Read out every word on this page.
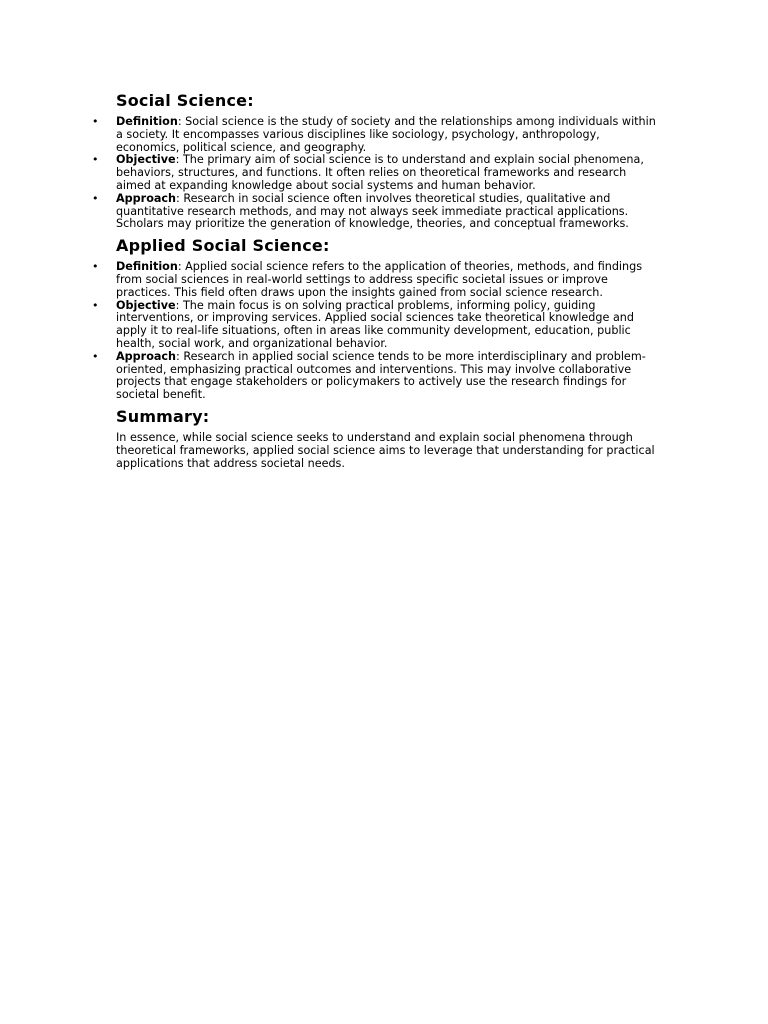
Social Science:
• Definition: Social science is the study of society and the relationships among individuals within a society. It encompasses various disciplines like sociology, psychology, anthropology, economics, political science, and geography.
• Objective: The primary aim of social science is to understand and explain social phenomena, behaviors, structures, and functions. It often relies on theoretical frameworks and research aimed at expanding knowledge about social systems and human behavior.
• Approach: Research in social science often involves theoretical studies, qualitative and quantitative research methods, and may not always seek immediate practical applications. Scholars may prioritize the generation of knowledge, theories, and conceptual frameworks.
Applied Social Science:
• Definition: Applied social science refers to the application of theories, methods, and findings from social sciences in real-world settings to address specific societal issues or improve practices. This field often draws upon the insights gained from social science research.
• Objective: The main focus is on solving practical problems, informing policy, guiding interventions, or improving services. Applied social sciences take theoretical knowledge and apply it to real-life situations, often in areas like community development, education, public health, social work, and organizational behavior.
• Approach: Research in applied social science tends to be more interdisciplinary and problem-oriented, emphasizing practical outcomes and interventions. This may involve collaborative projects that engage stakeholders or policymakers to actively use the research findings for societal benefit.
Summary:

In essence, while social science seeks to understand and explain social phenomena through theoretical frameworks, applied social science aims to leverage that understanding for practical applications that address societal needs.
